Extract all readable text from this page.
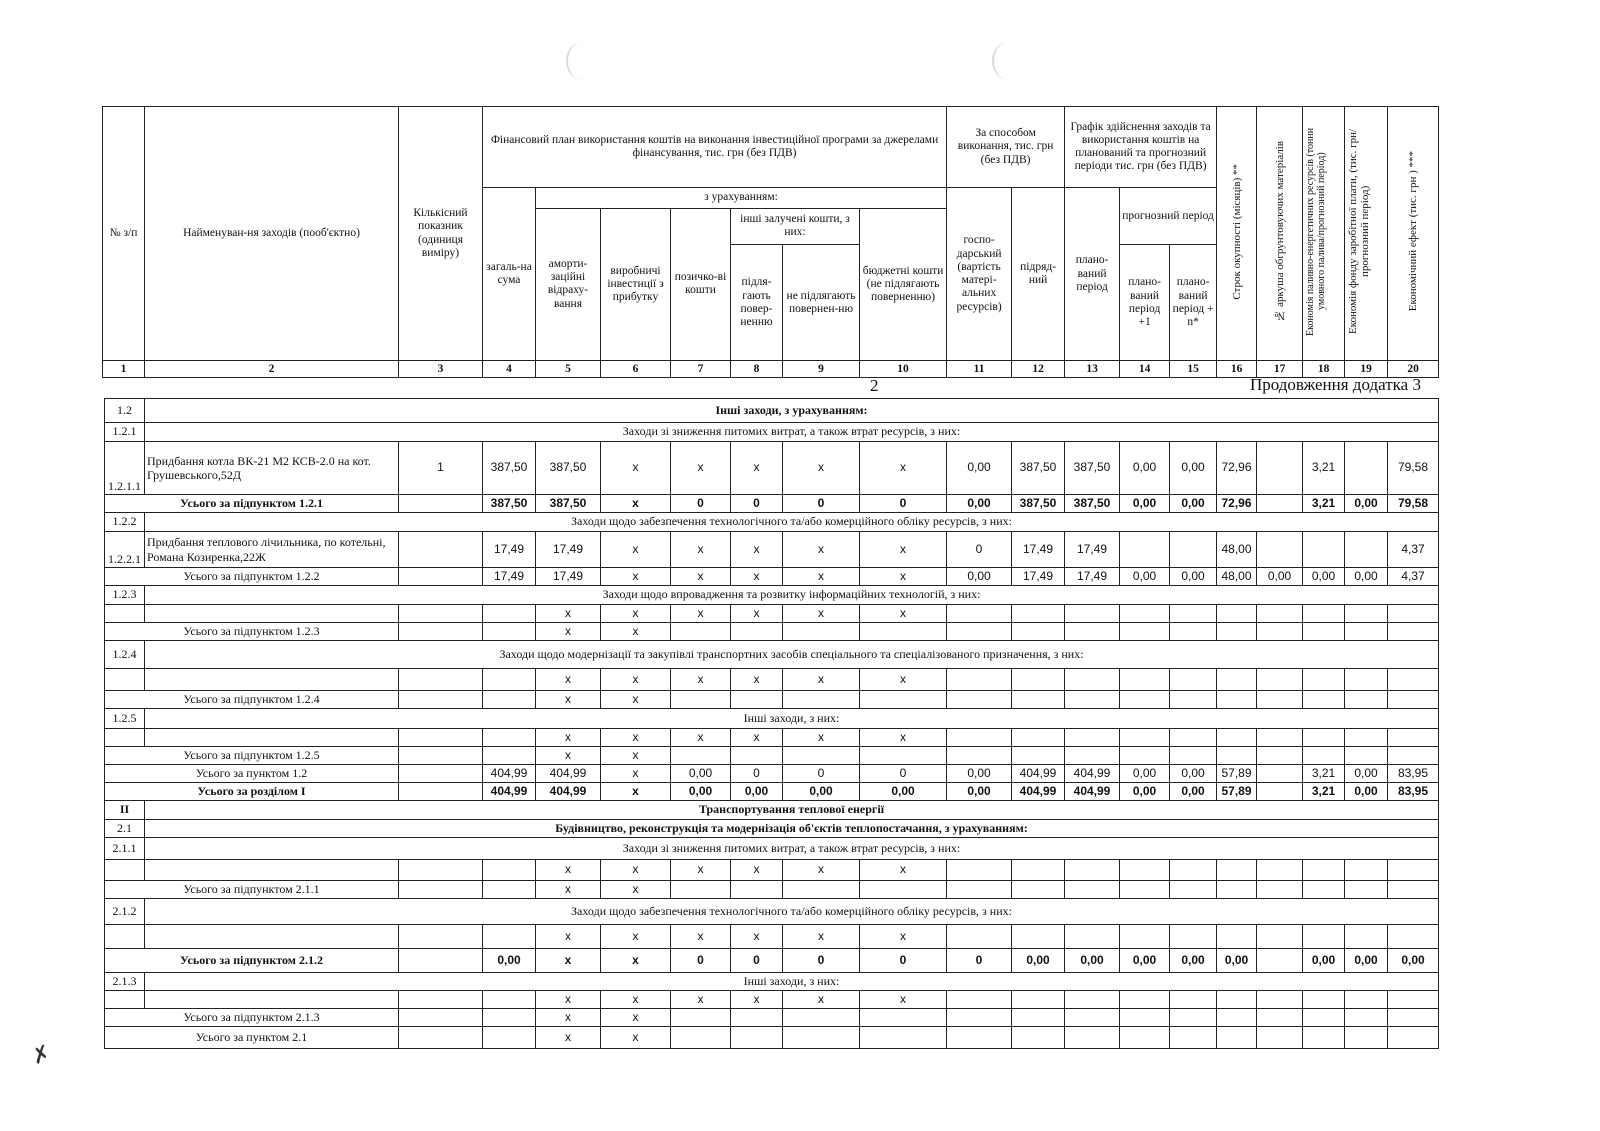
№ з/п	Найменуван-ня заходів (пооб'єктно)	Кількісний показник (одиниця виміру)	Фінансовий план використання коштів на виконання інвестиційної програми за джерелами фінансування, тис. грн (без ПДВ)							За способом виконання, тис. грн (без ПДВ)		Графік здійснення заходів та використання коштів на планований та прогнозний періоди тис. грн (без ПДВ)			Строк окупності (місяців) **	№ аркуша обгрунтовуючих матеріалів	Економія паливно-енергетичних ресурсів (тонни умовного палива/прогнозний період)	Економія фонду заробітної плати, (тис. грн/прогнозний період)	Економічний ефект (тис. грн ) ***
			загаль-на сума	з урахуванням:						госпо-дарський (вартість матері-альних ресурсів)	підряд-ний	плано-ваний період	прогнозний період						
				аморти-заційні відраху-вання	виробничі інвестиції з прибутку	позичко-ві кошти	інші залучені кошти, з них:		бюджетні кошти (не підлягають поверненню)										
							підля-гають повер-ненню	не підлягають повернен-ню					плано-ваний період +1	плано-ваний період + n*					
1	2	3	4	5	6	7	8	9	10	11	12	13	14	15	16	17	18	19	20
2	Продовження додатка 3
1.2	Інші заходи, з урахуванням:																		
1.2.1	Заходи зі зниження питомих витрат, а також втрат ресурсів, з них:																		
1.2.1.1	Придбання котла ВК-21 М2 КСВ-2.0 на кот. Грушевського,52Д	1	387,50	387,50	х	х	х	х	х	0,00	387,50	387,50	0,00	0,00	72,96		3,21		79,58
Усього за підпунктом 1.2.1			387,50	387,50	х	0	0	0	0	0,00	387,50	387,50	0,00	0,00	72,96		3,21	0,00	79,58
1.2.2	Заходи щодо забезпечення технологічного та/або комерційного обліку ресурсів, з них:																		
1.2.2.1	Придбання теплового лічильника, по котельні, Романа Козиренка,22Ж		17,49	17,49	х	х	х	х	х	0	17,49	17,49			48,00				4,37
Усього за підпунктом 1.2.2			17,49	17,49	х	х	х	х	х	0,00	17,49	17,49	0,00	0,00	48,00	0,00	0,00	0,00	4,37
1.2.3	Заходи щодо впровадження та розвитку інформаційних технологій, з них:																		
				х	х	х	х	х	х										
Усього за підпунктом 1.2.3				х	х														
1.2.4	Заходи щодо модернізації та закупівлі транспортних засобів спеціального та спеціалізованого призначення, з них:																		
				х	х	х	х	х	х										
Усього за підпунктом 1.2.4				х	х														
1.2.5	Інші заходи, з них:																		
				х	х	х	х	х	х										
Усього за підпунктом 1.2.5				х	х														
Усього за пунктом 1.2			404,99	404,99	х	0,00	0	0	0	0,00	404,99	404,99	0,00	0,00	57,89		3,21	0,00	83,95
Усього за розділом І			404,99	404,99	х	0,00	0,00	0,00	0,00	0,00	404,99	404,99	0,00	0,00	57,89		3,21	0,00	83,95
ІІ	Транспортування теплової енергії																		
2.1	Будівництво, реконструкція та модернізація об'єктів теплопостачання, з урахуванням:																		
2.1.1	Заходи зі зниження питомих витрат, а також втрат ресурсів, з них:																		
				х	х	х	х	х	х										
Усього за підпунктом 2.1.1				х	х														
2.1.2	Заходи щодо забезпечення технологічного та/або комерційного обліку ресурсів, з них:																		
				х	х	х	х	х	х										
Усього за підпунктом 2.1.2			0,00	х	х	0	0	0	0	0	0,00	0,00	0,00	0,00	0,00		0,00	0,00	0,00
2.1.3	Інші заходи, з них:																		
				х	х	х	х	х	х										
Усього за підпунктом 2.1.3				х	х														
Усього за пунктом 2.1				х	х														
✗
